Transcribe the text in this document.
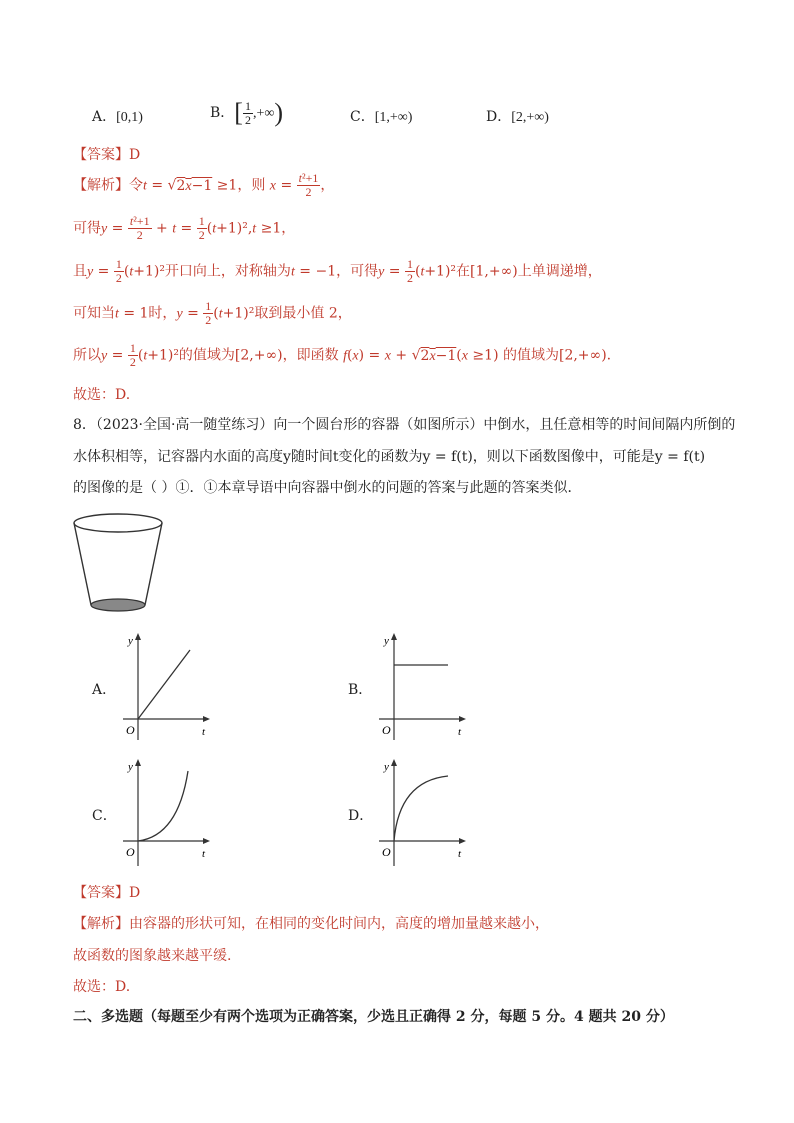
A．[0,1)	B．[ $\frac{1}{2}$ ,+∞)	C．[1,+∞)	D．[2,+∞)
【答案】D
【解析】令t = √2x−1 ≥1，则 $x = \frac{\text{t²+1}}{2}$ ，
可得$y = \frac{\text{t²+1}}{2} + t = \frac{1}{2} (t+1)^2,t \ge 1$，
且$y = \frac{1}{2} (t+1)^2$开口向上，对称轴为t = −1，可得$y = \frac{1}{2} (t+1)^2$在[1,+∞)上单调递增，
可知当t = 1时，$y = \frac{1}{2} (t+1)^2$取到最小值 2，
所以$y = \frac{1}{2} (t+1)^2$的值域为[2,+∞)，即函数 f(x) = x + √2x−1(x ≥1) 的值域为[2,+∞).
故选：D.
8．（2023·全国·高一随堂练习）向一个圆台形的容器（如图所示）中倒水，且任意相等的时间间隔内所倒的
水体积相等，记容器内水面的高度y随时间t变化的函数为y = f(t)，则以下函数图像中，可能是y = f(t)
的图像的是（ ）①．①本章导语中向容器中倒水的问题的答案与此题的答案类似．
A．
y
t
O
B．
y
t
O
C．
y
t
O
D．
y
t
O
【答案】D
【解析】由容器的形状可知，在相同的变化时间内，高度的增加量越来越小，
故函数的图象越来越平缓.
故选：D.
二、多选题（每题至少有两个选项为正确答案，少选且正确得 2 分，每题 5 分。4 题共 20 分）
